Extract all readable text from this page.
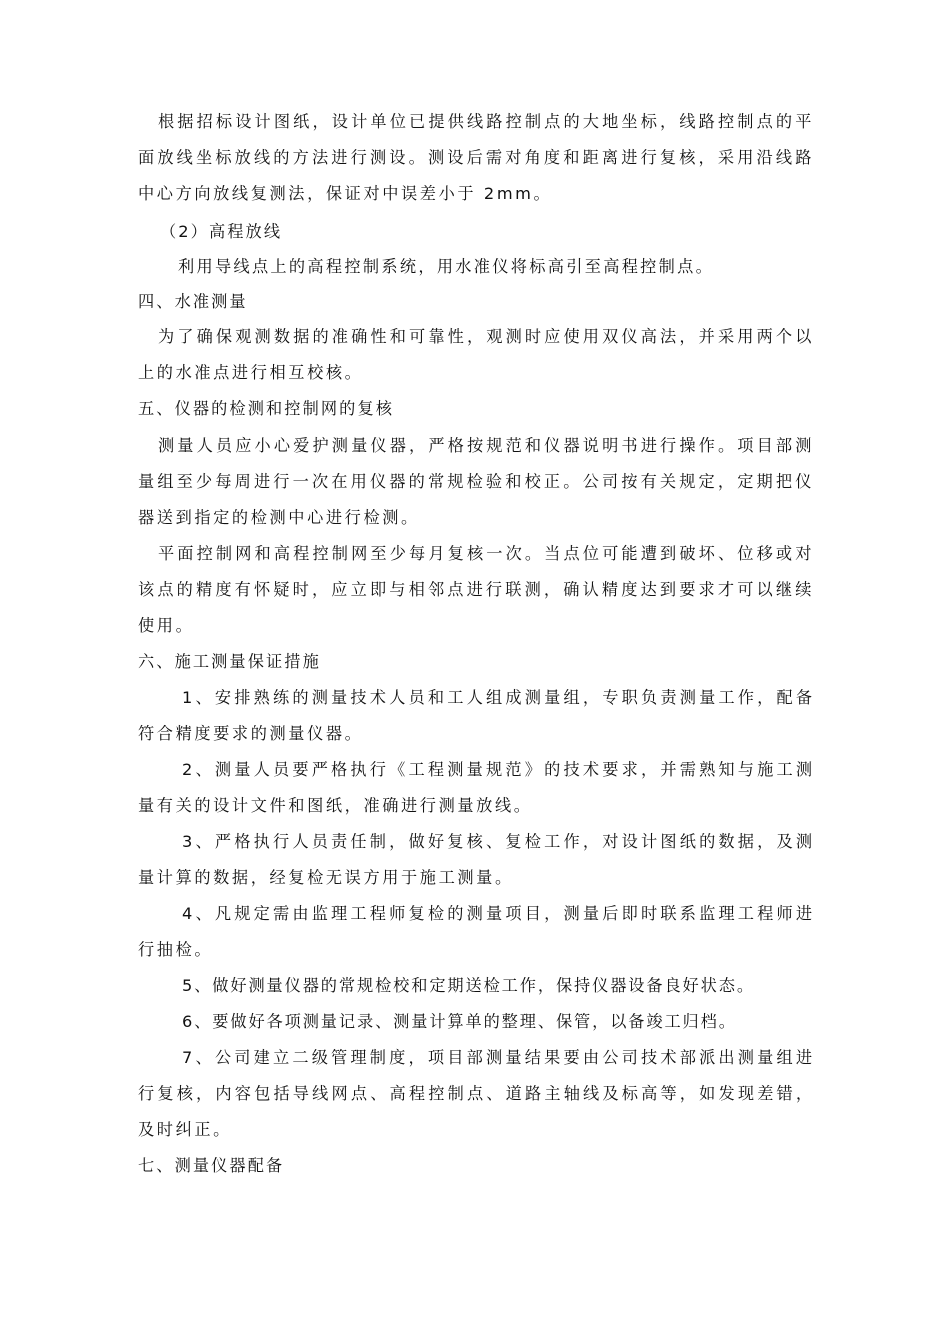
根据招标设计图纸，设计单位已提供线路控制点的大地坐标，线路控制点的平
面放线坐标放线的方法进行测设。测设后需对角度和距离进行复核，采用沿线路
中心方向放线复测法，保证对中误差小于 2mm。
（2）高程放线
利用导线点上的高程控制系统，用水准仪将标高引至高程控制点。
四、水准测量
为了确保观测数据的准确性和可靠性，观测时应使用双仪高法，并采用两个以
上的水准点进行相互校核。
五、仪器的检测和控制网的复核
测量人员应小心爱护测量仪器，严格按规范和仪器说明书进行操作。项目部测
量组至少每周进行一次在用仪器的常规检验和校正。公司按有关规定，定期把仪
器送到指定的检测中心进行检测。
平面控制网和高程控制网至少每月复核一次。当点位可能遭到破坏、位移或对
该点的精度有怀疑时，应立即与相邻点进行联测，确认精度达到要求才可以继续
使用。
六、施工测量保证措施
1、安排熟练的测量技术人员和工人组成测量组，专职负责测量工作，配备
符合精度要求的测量仪器。
2、测量人员要严格执行《工程测量规范》的技术要求，并需熟知与施工测
量有关的设计文件和图纸，准确进行测量放线。
3、严格执行人员责任制，做好复核、复检工作，对设计图纸的数据，及测
量计算的数据，经复检无误方用于施工测量。
4、凡规定需由监理工程师复检的测量项目，测量后即时联系监理工程师进
行抽检。
5、做好测量仪器的常规检校和定期送检工作，保持仪器设备良好状态。
6、要做好各项测量记录、测量计算单的整理、保管，以备竣工归档。
7、公司建立二级管理制度，项目部测量结果要由公司技术部派出测量组进
行复核，内容包括导线网点、高程控制点、道路主轴线及标高等，如发现差错，
及时纠正。
七、测量仪器配备
